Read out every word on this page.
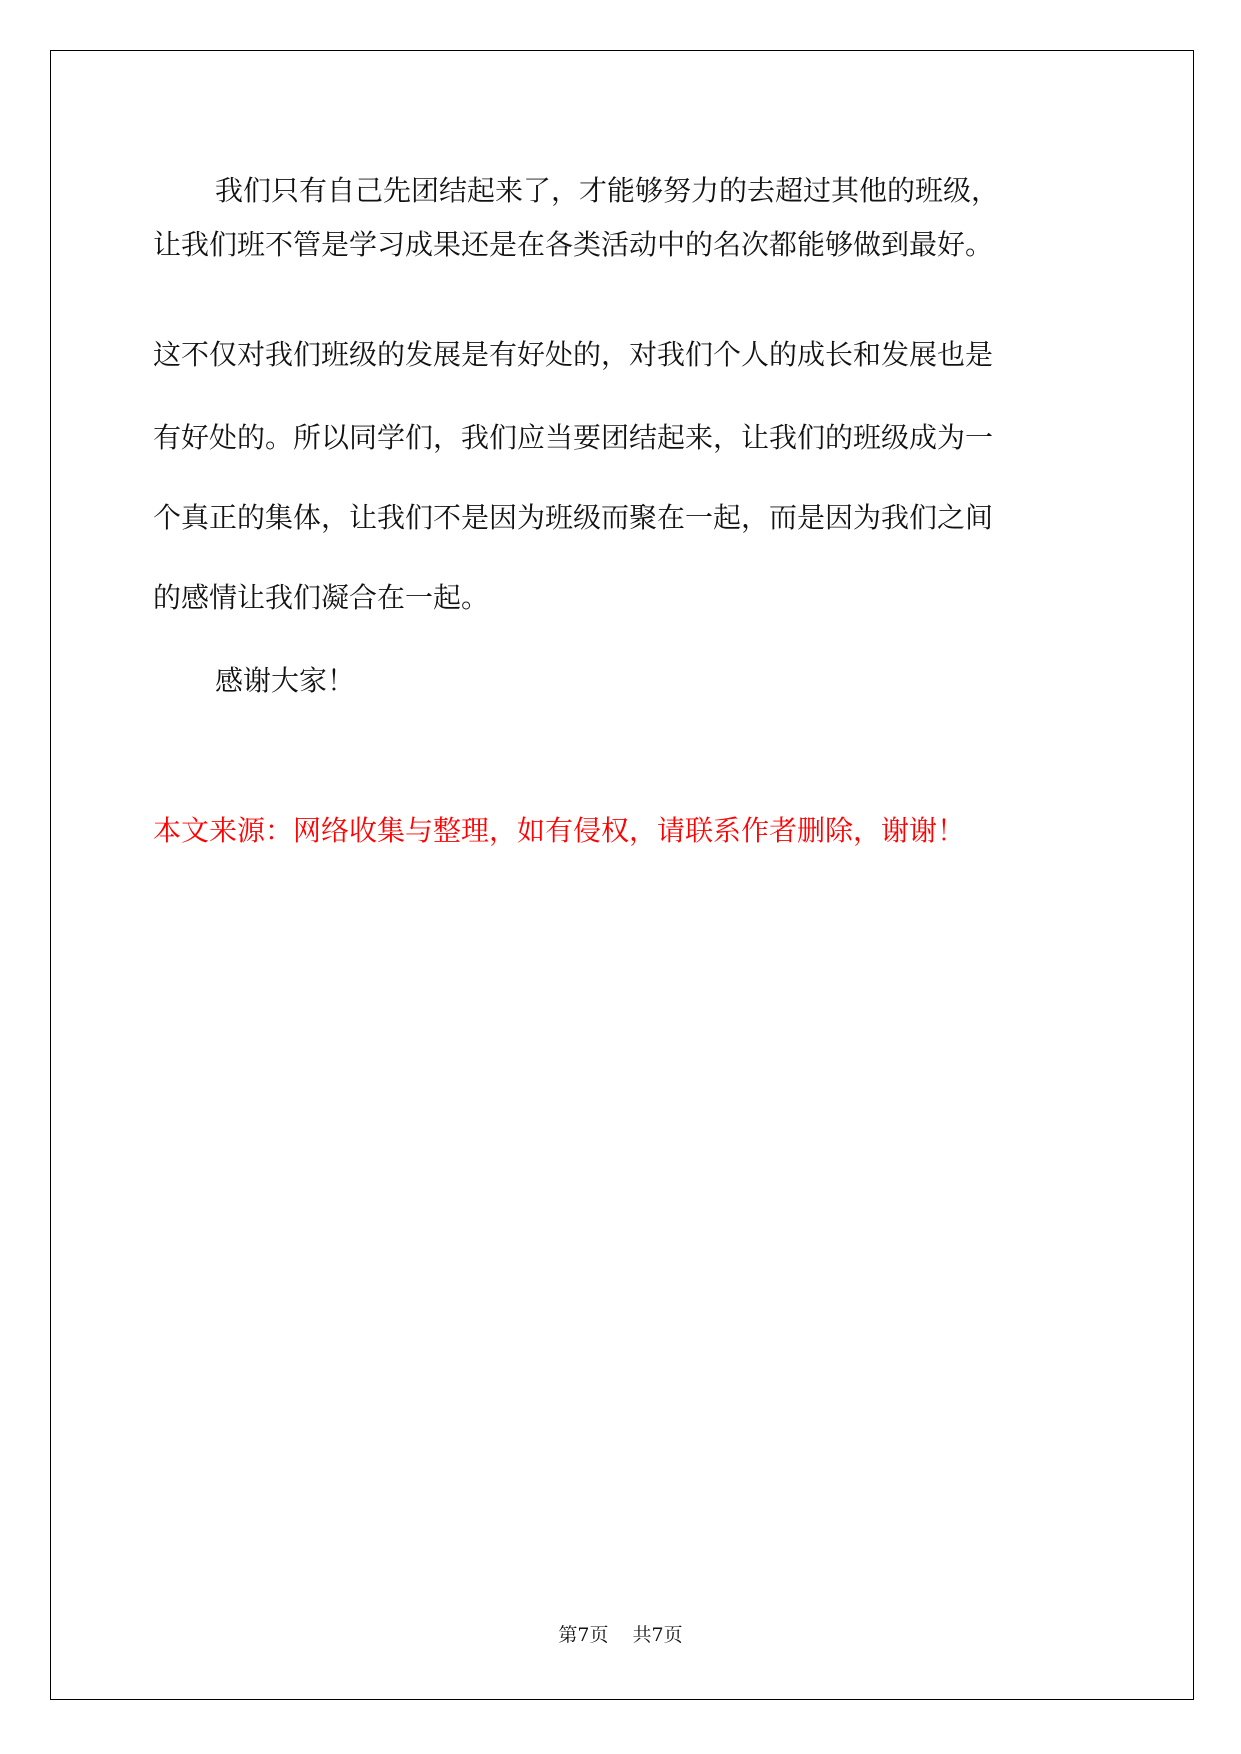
我们只有自己先团结起来了，才能够努力的去超过其他的班级，

让我们班不管是学习成果还是在各类活动中的名次都能够做到最好。

这不仅对我们班级的发展是有好处的，对我们个人的成长和发展也是

有好处的。所以同学们，我们应当要团结起来，让我们的班级成为一

个真正的集体，让我们不是因为班级而聚在一起，而是因为我们之间

的感情让我们凝合在一起。

感谢大家！

本文来源：网络收集与整理，如有侵权，请联系作者删除，谢谢！

第7页 共7页
